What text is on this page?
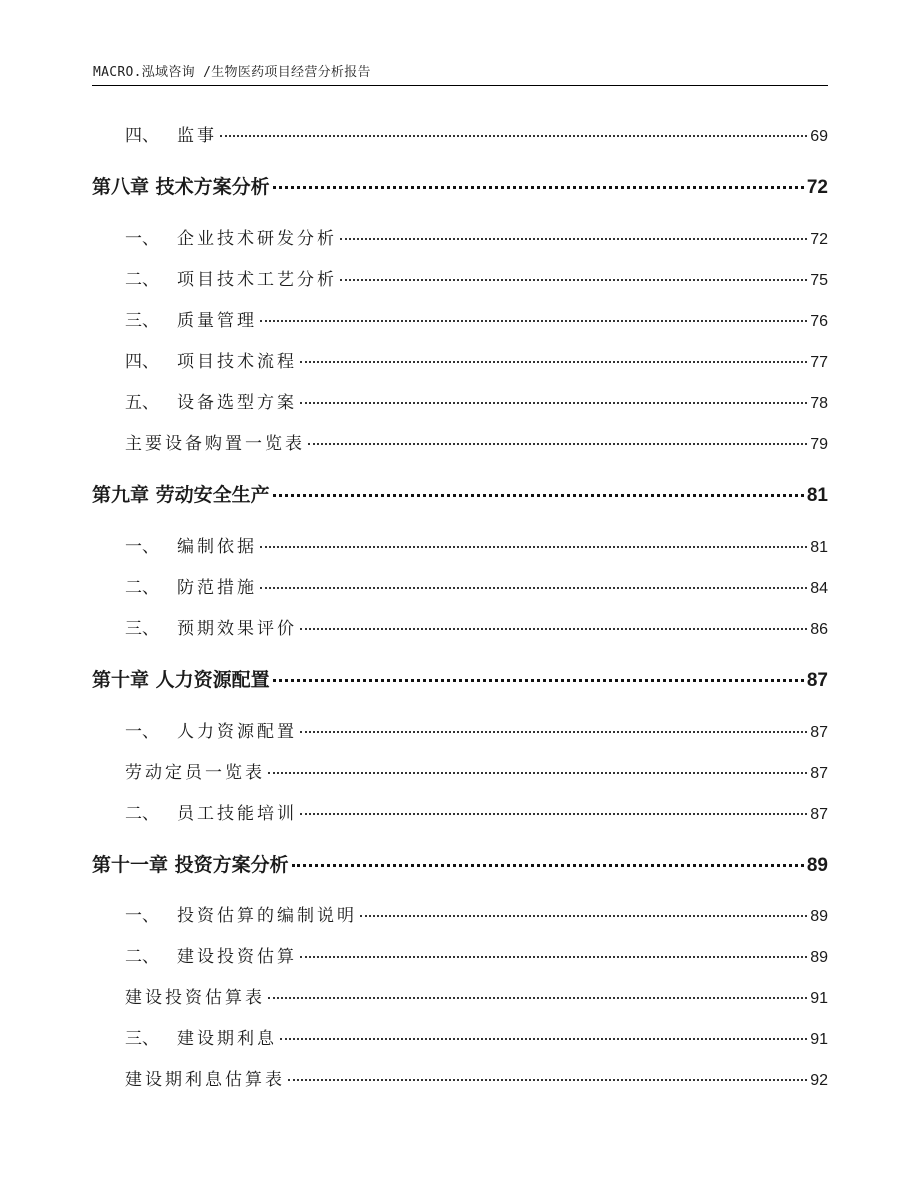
MACRO.泓域咨询 /生物医药项目经营分析报告
四、 监事	69
第八章 技术方案分析	72
一、 企业技术研发分析	72
二、 项目技术工艺分析	75
三、 质量管理	76
四、 项目技术流程	77
五、 设备选型方案	78
主要设备购置一览表	79
第九章 劳动安全生产	81
一、 编制依据	81
二、 防范措施	84
三、 预期效果评价	86
第十章 人力资源配置	87
一、 人力资源配置	87
劳动定员一览表	87
二、 员工技能培训	87
第十一章 投资方案分析	89
一、 投资估算的编制说明	89
二、 建设投资估算	89
建设投资估算表	91
三、 建设期利息	91
建设期利息估算表	92
